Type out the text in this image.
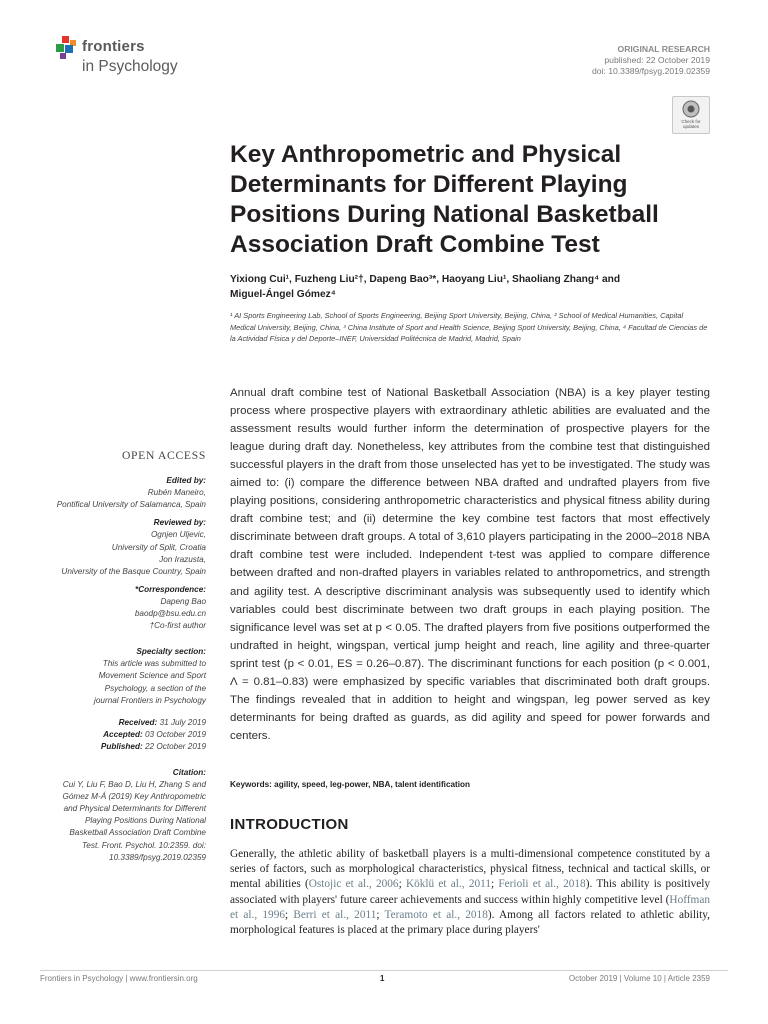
frontiers
in Psychology
ORIGINAL RESEARCH
published: 22 October 2019
doi: 10.3389/fpsyg.2019.02359
Check for updates
Key Anthropometric and Physical Determinants for Different Playing Positions During National Basketball Association Draft Combine Test
Yixiong Cui¹, Fuzheng Liu²†, Dapeng Bao³*, Haoyang Liu¹, Shaoliang Zhang⁴ and
Miguel-Ángel Gómez⁴
¹ AI Sports Engineering Lab, School of Sports Engineering, Beijing Sport University, Beijing, China, ² School of Medical Humanities, Capital Medical University, Beijing, China, ³ China Institute of Sport and Health Science, Beijing Sport University, Beijing, China, ⁴ Facultad de Ciencias de la Actividad Física y del Deporte–INEF, Universidad Politécnica de Madrid, Madrid, Spain
OPEN ACCESS
Edited by:
Rubén Maneiro,
Pontifical University of Salamanca, Spain
Reviewed by:
Ognjen Uljevic,
University of Split, Croatia
Jon Irazusta,
University of the Basque Country, Spain
*Correspondence:
Dapeng Bao
baodp@bsu.edu.cn
†Co-first author
Specialty section:
This article was submitted to Movement Science and Sport Psychology, a section of the journal Frontiers in Psychology
Received: 31 July 2019
Accepted: 03 October 2019
Published: 22 October 2019
Citation:
Cui Y, Liu F, Bao D, Liu H, Zhang S and Gómez M-Á (2019) Key Anthropometric and Physical Determinants for Different Playing Positions During National Basketball Association Draft Combine Test. Front. Psychol. 10:2359. doi: 10.3389/fpsyg.2019.02359

Annual draft combine test of National Basketball Association (NBA) is a key player testing process where prospective players with extraordinary athletic abilities are evaluated and the assessment results would further inform the determination of prospective players for the league during draft day. Nonetheless, key attributes from the combine test that distinguished successful players in the draft from those unselected has yet to be investigated. The study was aimed to: (i) compare the difference between NBA drafted and undrafted players from five playing positions, considering anthropometric characteristics and physical fitness ability during draft combine test; and (ii) determine the key combine test factors that most effectively discriminate between draft groups. A total of 3,610 players participating in the 2000–2018 NBA draft combine test were included. Independent t-test was applied to compare difference between drafted and non-drafted players in variables related to anthropometrics, and strength and agility test. A descriptive discriminant analysis was subsequently used to identify which variables could best discriminate between two draft groups in each playing position. The significance level was set at p < 0.05. The drafted players from five positions outperformed the undrafted in height, wingspan, vertical jump height and reach, line agility and three-quarter sprint test (p < 0.01, ES = 0.26–0.87). The discriminant functions for each position (p < 0.001, Λ = 0.81–0.83) were emphasized by specific variables that discriminated both draft groups. The findings revealed that in addition to height and wingspan, leg power served as key determinants for being drafted as guards, as did agility and speed for power forwards and centers.

Keywords: agility, speed, leg-power, NBA, talent identification
INTRODUCTION

Generally, the athletic ability of basketball players is a multi-dimensional competence constituted by a series of factors, such as morphological characteristics, physical fitness, technical and tactical skills, or mental abilities (Ostojic et al., 2006; Köklü et al., 2011; Ferioli et al., 2018). This ability is positively associated with players' future career achievements and success within highly competitive level (Hoffman et al., 1996; Berri et al., 2011; Teramoto et al., 2018). Among all factors related to athletic ability, morphological features is placed at the primary place during players'

Frontiers in Psychology | www.frontiersin.org	1	October 2019 | Volume 10 | Article 2359
